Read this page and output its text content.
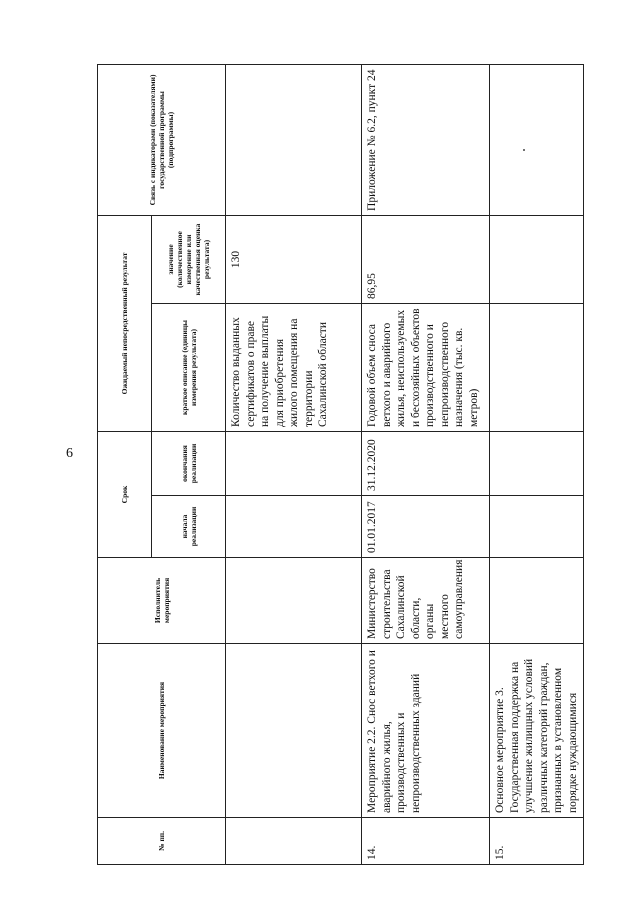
6
№ пп.	Наименование мероприятия	Исполнитель мероприятия	Срок		Ожидаемый непосредственный результат		Связь с индикаторами (показателями) государственной программы (подпрограммы)
			начала реализации	окончания реализации	краткое описание (единицы измерения результата)	значение (количественное измерение или качественная оценка результата)	
					Количество выданных сертификатов о праве на получение выплаты для приобретения жилого помещения на территории Сахалинской области	130	
14.	Мероприятие 2.2. Снос ветхого и аварийного жилья, производственных и непроизводственных зданий	Министерство строительства Сахалинской области, органы местного самоуправления	01.01.2017	31.12.2020	Годовой объем сноса ветхого и аварийного жилья, неиспользуемых и бесхозяйных объектов производственного и непроизводственного назначения (тыс. кв. метров)	86,95	Приложение № 6.2, пункт 24
15.	Основное мероприятие 3. Государственная поддержка на улучшение жилищных условий различных категорий граждан, признанных в установленном порядке нуждающимися						
